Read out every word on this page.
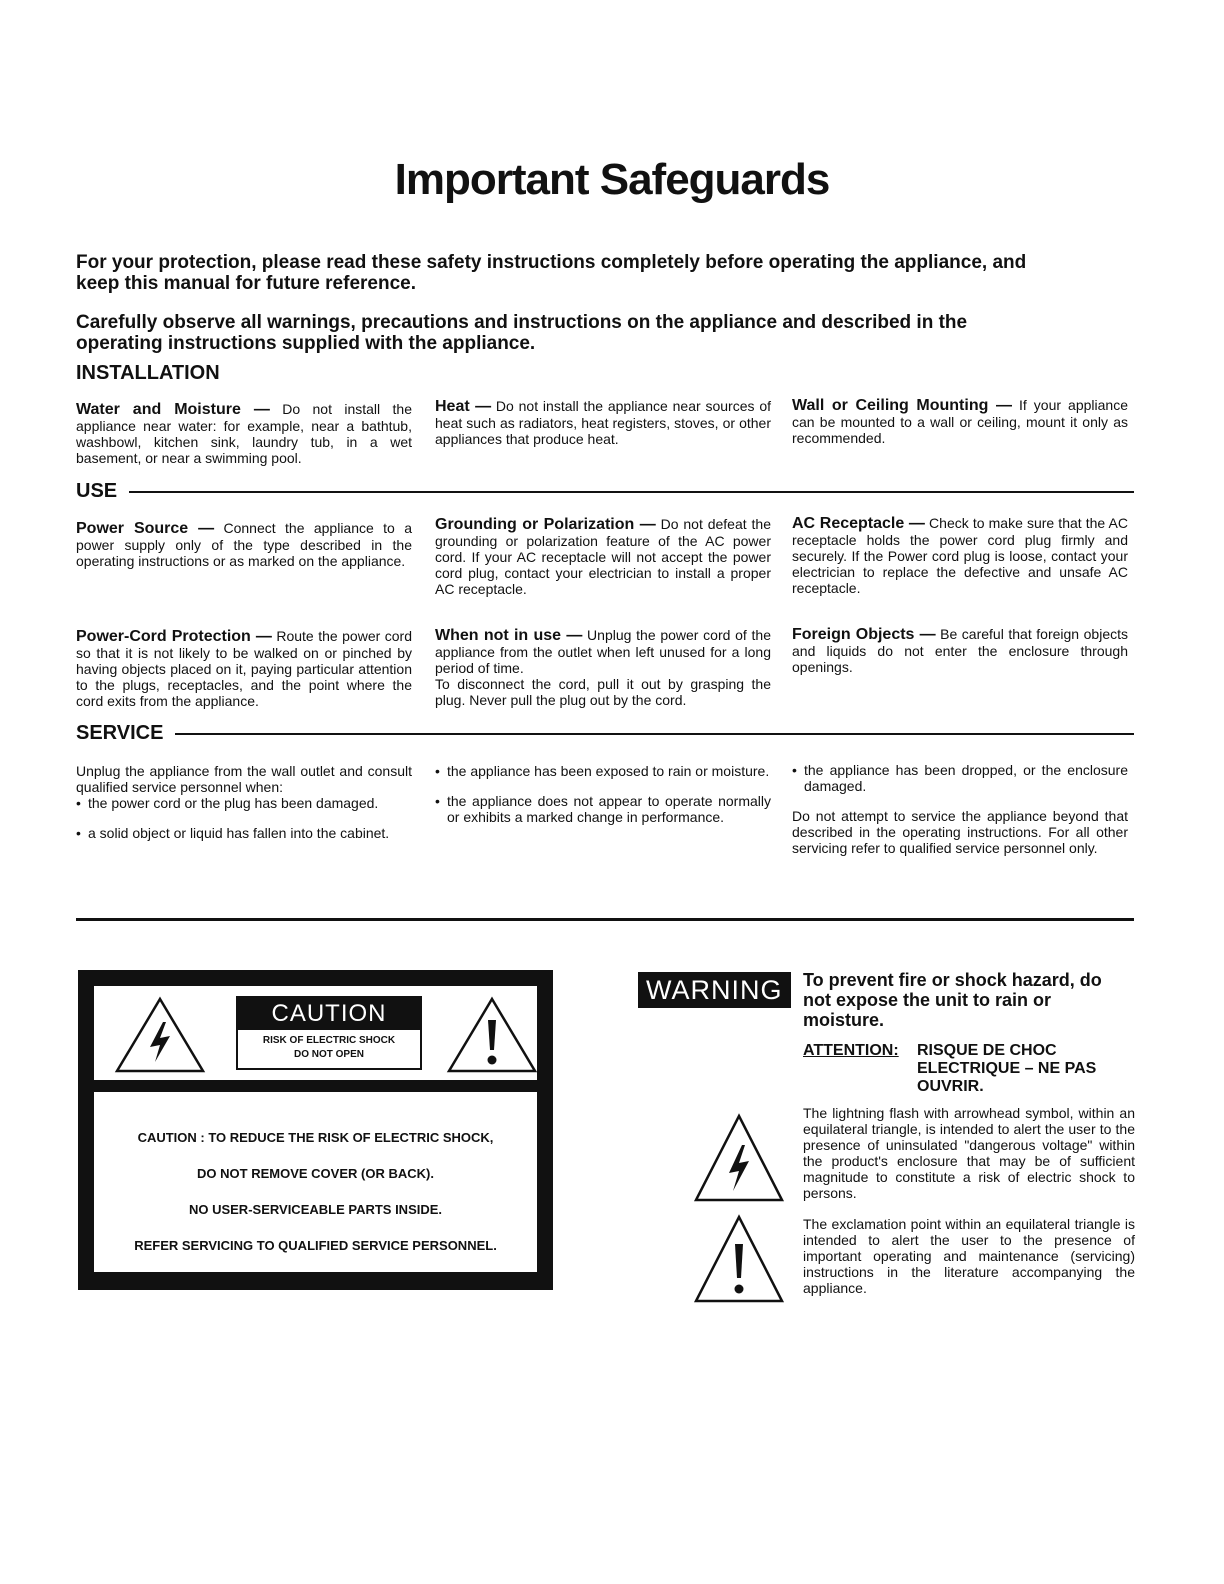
Important Safeguards
For your protection, please read these safety instructions completely before operating the appliance, and keep this manual for future reference.
Carefully observe all warnings, precautions and instructions on the appliance and described in the operating instructions supplied with the appliance.
INSTALLATION
Water and Moisture — Do not install the appliance near water: for example, near a bathtub, washbowl, kitchen sink, laundry tub, in a wet basement, or near a swimming pool.
Heat — Do not install the appliance near sources of heat such as radiators, heat registers, stoves, or other appliances that produce heat.
Wall or Ceiling Mounting — If your appliance can be mounted to a wall or ceiling, mount it only as recommended.
USE
Power Source — Connect the appliance to a power supply only of the type described in the operating instructions or as marked on the appliance.
Grounding or Polarization — Do not defeat the grounding or polarization feature of the AC power cord. If your AC receptacle will not accept the power cord plug, contact your electrician to install a proper AC receptacle.
AC Receptacle — Check to make sure that the AC receptacle holds the power cord plug firmly and securely. If the Power cord plug is loose, contact your electrician to replace the defective and unsafe AC receptacle.
Power-Cord Protection — Route the power cord so that it is not likely to be walked on or pinched by having objects placed on it, paying particular attention to the plugs, receptacles, and the point where the cord exits from the appliance.

When not in use — Unplug the power cord of the appliance from the outlet when left unused for a long period of time.

To disconnect the cord, pull it out by grasping the plug. Never pull the plug out by the cord.

Foreign Objects — Be careful that foreign objects and liquids do not enter the enclosure through openings.
SERVICE

Unplug the appliance from the wall outlet and consult qualified service personnel when:

• the power cord or the plug has been damaged.
• a solid object or liquid has fallen into the cabinet.
• the appliance has been exposed to rain or moisture.
• the appliance does not appear to operate normally or exhibits a marked change in performance.
• the appliance has been dropped, or the enclosure damaged.

Do not attempt to service the appliance beyond that described in the operating instructions. For all other servicing refer to qualified service personnel only.

CAUTION
RISK OF ELECTRIC SHOCK
DO NOT OPEN
CAUTION : TO REDUCE THE RISK OF ELECTRIC SHOCK,
DO NOT REMOVE COVER (OR BACK).
NO USER-SERVICEABLE PARTS INSIDE.
REFER SERVICING TO QUALIFIED SERVICE PERSONNEL.
WARNING	To prevent fire or shock hazard, do not expose the unit to rain or moisture.
ATTENTION: RISQUE DE CHOC ELECTRIQUE – NE PAS OUVRIR.
The lightning flash with arrowhead symbol, within an equilateral triangle, is intended to alert the user to the presence of uninsulated "dangerous voltage" within the product's enclosure that may be of sufficient magnitude to constitute a risk of electric shock to persons.
The exclamation point within an equilateral triangle is intended to alert the user to the presence of important operating and maintenance (servicing) instructions in the literature accompanying the appliance.
